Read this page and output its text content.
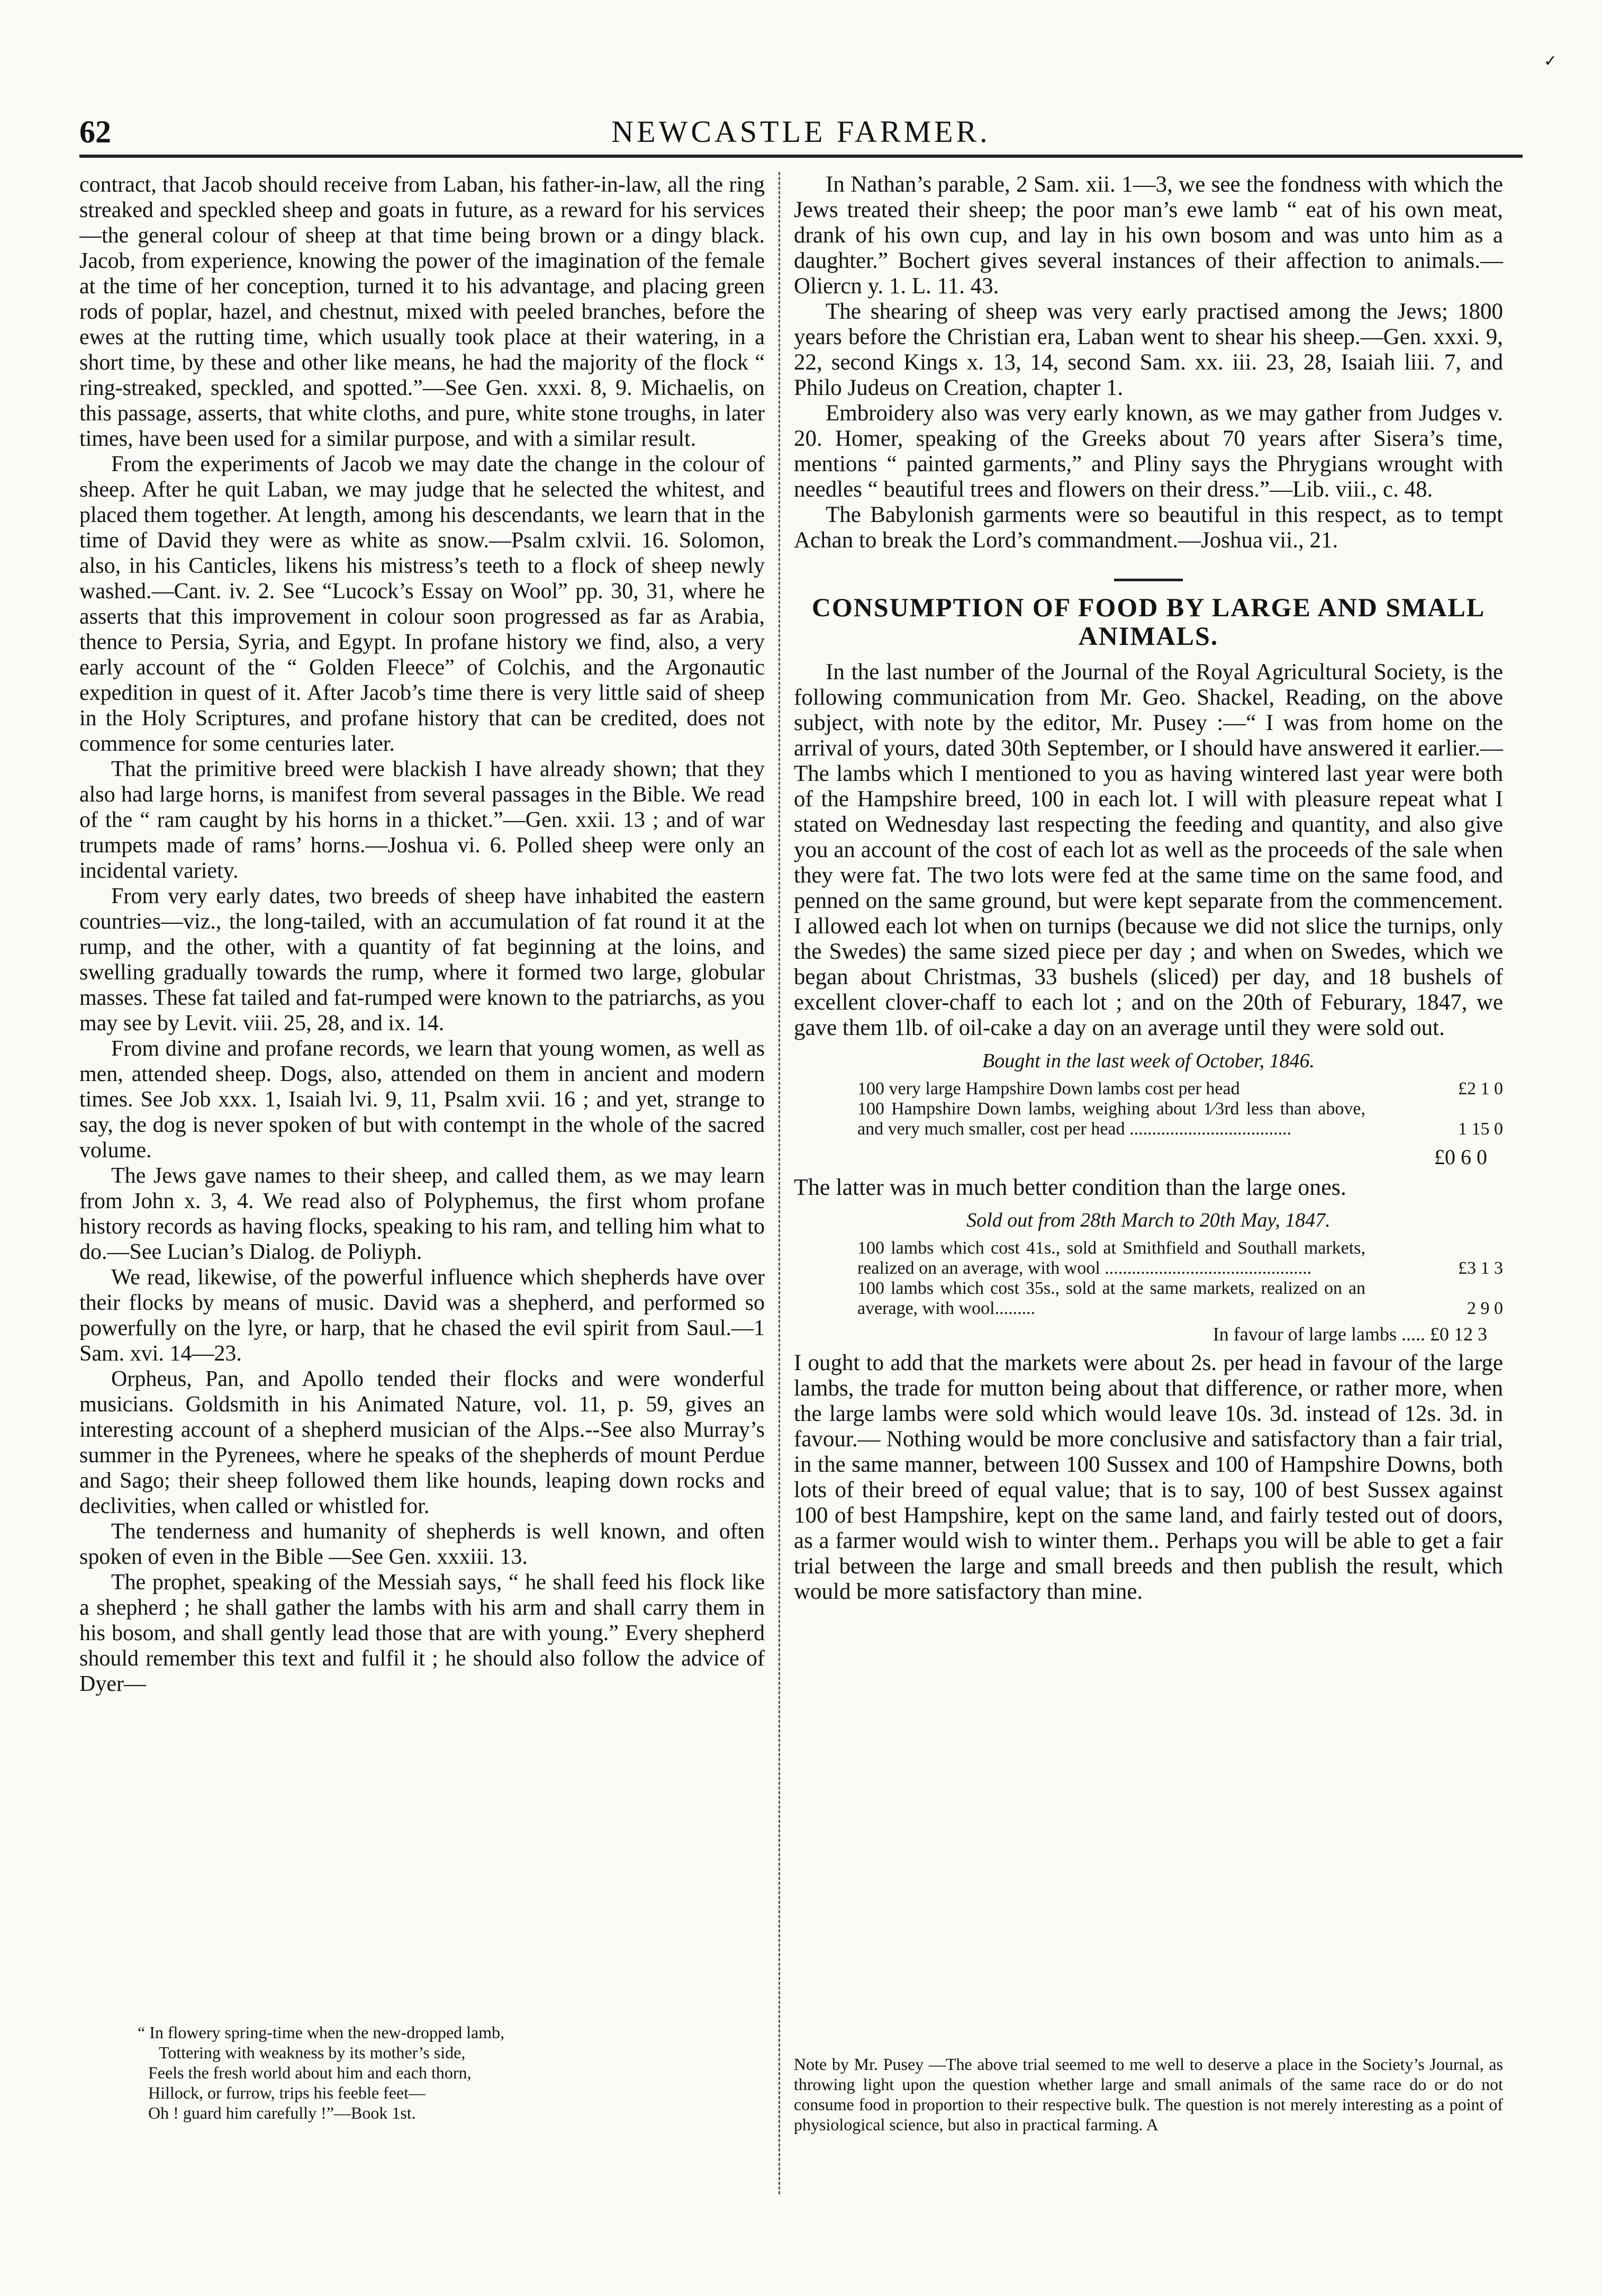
✓
62	NEWCASTLE FARMER.

contract, that Jacob should receive from Laban, his father-in-law, all the ring streaked and speckled sheep and goats in future, as a reward for his services—the general colour of sheep at that time being brown or a dingy black. Jacob, from experience, knowing the power of the imagination of the female at the time of her conception, turned it to his advantage, and placing green rods of poplar, hazel, and chestnut, mixed with peeled branches, before the ewes at the rutting time, which usually took place at their watering, in a short time, by these and other like means, he had the majority of the flock “ ring-streaked, speckled, and spotted.”—See Gen. xxxi. 8, 9. Michaelis, on this passage, asserts, that white cloths, and pure, white stone troughs, in later times, have been used for a similar purpose, and with a similar result.

From the experiments of Jacob we may date the change in the colour of sheep. After he quit Laban, we may judge that he selected the whitest, and placed them together. At length, among his descendants, we learn that in the time of David they were as white as snow.—Psalm cxlvii. 16. Solomon, also, in his Canticles, likens his mistress’s teeth to a flock of sheep newly washed.—Cant. iv. 2. See “Lucock’s Essay on Wool” pp. 30, 31, where he asserts that this improvement in colour soon progressed as far as Arabia, thence to Persia, Syria, and Egypt. In profane history we find, also, a very early account of the “ Golden Fleece” of Colchis, and the Argonautic expedition in quest of it. After Jacob’s time there is very little said of sheep in the Holy Scriptures, and profane history that can be credited, does not commence for some centuries later.

That the primitive breed were blackish I have already shown; that they also had large horns, is manifest from several passages in the Bible. We read of the “ ram caught by his horns in a thicket.”—Gen. xxii. 13 ; and of war trumpets made of rams’ horns.—Joshua vi. 6. Polled sheep were only an incidental variety.

From very early dates, two breeds of sheep have inhabited the eastern countries—viz., the long-tailed, with an accumulation of fat round it at the rump, and the other, with a quantity of fat beginning at the loins, and swelling gradually towards the rump, where it formed two large, globular masses. These fat tailed and fat-rumped were known to the patriarchs, as you may see by Levit. viii. 25, 28, and ix. 14.

From divine and profane records, we learn that young women, as well as men, attended sheep. Dogs, also, attended on them in ancient and modern times. See Job xxx. 1, Isaiah lvi. 9, 11, Psalm xvii. 16 ; and yet, strange to say, the dog is never spoken of but with contempt in the whole of the sacred volume.

The Jews gave names to their sheep, and called them, as we may learn from John x. 3, 4. We read also of Polyphemus, the first whom profane history records as having flocks, speaking to his ram, and telling him what to do.—See Lucian’s Dialog. de Poliyph.

We read, likewise, of the powerful influence which shepherds have over their flocks by means of music. David was a shepherd, and performed so powerfully on the lyre, or harp, that he chased the evil spirit from Saul.—1 Sam. xvi. 14—23.

Orpheus, Pan, and Apollo tended their flocks and were wonderful musicians. Goldsmith in his Animated Nature, vol. 11, p. 59, gives an interesting account of a shepherd musician of the Alps.--See also Murray’s summer in the Pyrenees, where he speaks of the shepherds of mount Perdue and Sago; their sheep followed them like hounds, leaping down rocks and declivities, when called or whistled for.

The tenderness and humanity of shepherds is well known, and often spoken of even in the Bible —See Gen. xxxiii. 13.

The prophet, speaking of the Messiah says, “ he shall feed his flock like a shepherd ; he shall gather the lambs with his arm and shall carry them in his bosom, and shall gently lead those that are with young.” Every shepherd should remember this text and fulfil it ; he should also follow the advice of Dyer—

“ In flowery spring-time when the new-dropped lamb,

Tottering with weakness by its mother’s side,

Feels the fresh world about him and each thorn,

Hillock, or furrow, trips his feeble feet—

Oh ! guard him carefully !”—Book 1st.

In Nathan’s parable, 2 Sam. xii. 1—3, we see the fondness with which the Jews treated their sheep; the poor man’s ewe lamb “ eat of his own meat, drank of his own cup, and lay in his own bosom and was unto him as a daughter.” Bochert gives several instances of their affection to animals.—Oliercn y. 1. L. 11. 43.

The shearing of sheep was very early practised among the Jews; 1800 years before the Christian era, Laban went to shear his sheep.—Gen. xxxi. 9, 22, second Kings x. 13, 14, second Sam. xx. iii. 23, 28, Isaiah liii. 7, and Philo Judeus on Creation, chapter 1.

Embroidery also was very early known, as we may gather from Judges v. 20. Homer, speaking of the Greeks about 70 years after Sisera’s time, mentions “ painted garments,” and Pliny says the Phrygians wrought with needles “ beautiful trees and flowers on their dress.”—Lib. viii., c. 48.

The Babylonish garments were so beautiful in this respect, as to tempt Achan to break the Lord’s commandment.—Joshua vii., 21.

CONSUMPTION OF FOOD BY LARGE AND SMALL ANIMALS.

In the last number of the Journal of the Royal Agricultural Society, is the following communication from Mr. Geo. Shackel, Reading, on the above subject, with note by the editor, Mr. Pusey :—“ I was from home on the arrival of yours, dated 30th September, or I should have answered it earlier.— The lambs which I mentioned to you as having wintered last year were both of the Hampshire breed, 100 in each lot. I will with pleasure repeat what I stated on Wednesday last respecting the feeding and quantity, and also give you an account of the cost of each lot as well as the proceeds of the sale when they were fat. The two lots were fed at the same time on the same food, and penned on the same ground, but were kept separate from the commencement. I allowed each lot when on turnips (because we did not slice the turnips, only the Swedes) the same sized piece per day ; and when on Swedes, which we began about Christmas, 33 bushels (sliced) per day, and 18 bushels of excellent clover-chaff to each lot ; and on the 20th of Feburary, 1847, we gave them 1lb. of oil-cake a day on an average until they were sold out.

Bought in the last week of October, 1846.
100 very large Hampshire Down lambs cost per head	£2 1 0
100 Hampshire Down lambs, weighing about 1⁄3rd less than above, and very much smaller, cost per head ....................................	1 15 0
£0 6 0
The latter was in much better condition than the large ones.
Sold out from 28th March to 20th May, 1847.
100 lambs which cost 41s., sold at Smithfield and Southall markets, realized on an average, with wool ..............................................	£3 1 3
100 lambs which cost 35s., sold at the same markets, realized on an average, with wool.........	2 9 0
In favour of large lambs ..... £0 12 3

I ought to add that the markets were about 2s. per head in favour of the large lambs, the trade for mutton being about that difference, or rather more, when the large lambs were sold which would leave 10s. 3d. instead of 12s. 3d. in favour.— Nothing would be more conclusive and satisfactory than a fair trial, in the same manner, between 100 Sussex and 100 of Hampshire Downs, both lots of their breed of equal value; that is to say, 100 of best Sussex against 100 of best Hampshire, kept on the same land, and fairly tested out of doors, as a farmer would wish to winter them.. Perhaps you will be able to get a fair trial between the large and small breeds and then publish the result, which would be more satisfactory than mine.

Note by Mr. Pusey —The above trial seemed to me well to deserve a place in the Society’s Journal, as throwing light upon the question whether large and small animals of the same race do or do not consume food in proportion to their respective bulk. The question is not merely interesting as a point of physiological science, but also in practical farming. A
